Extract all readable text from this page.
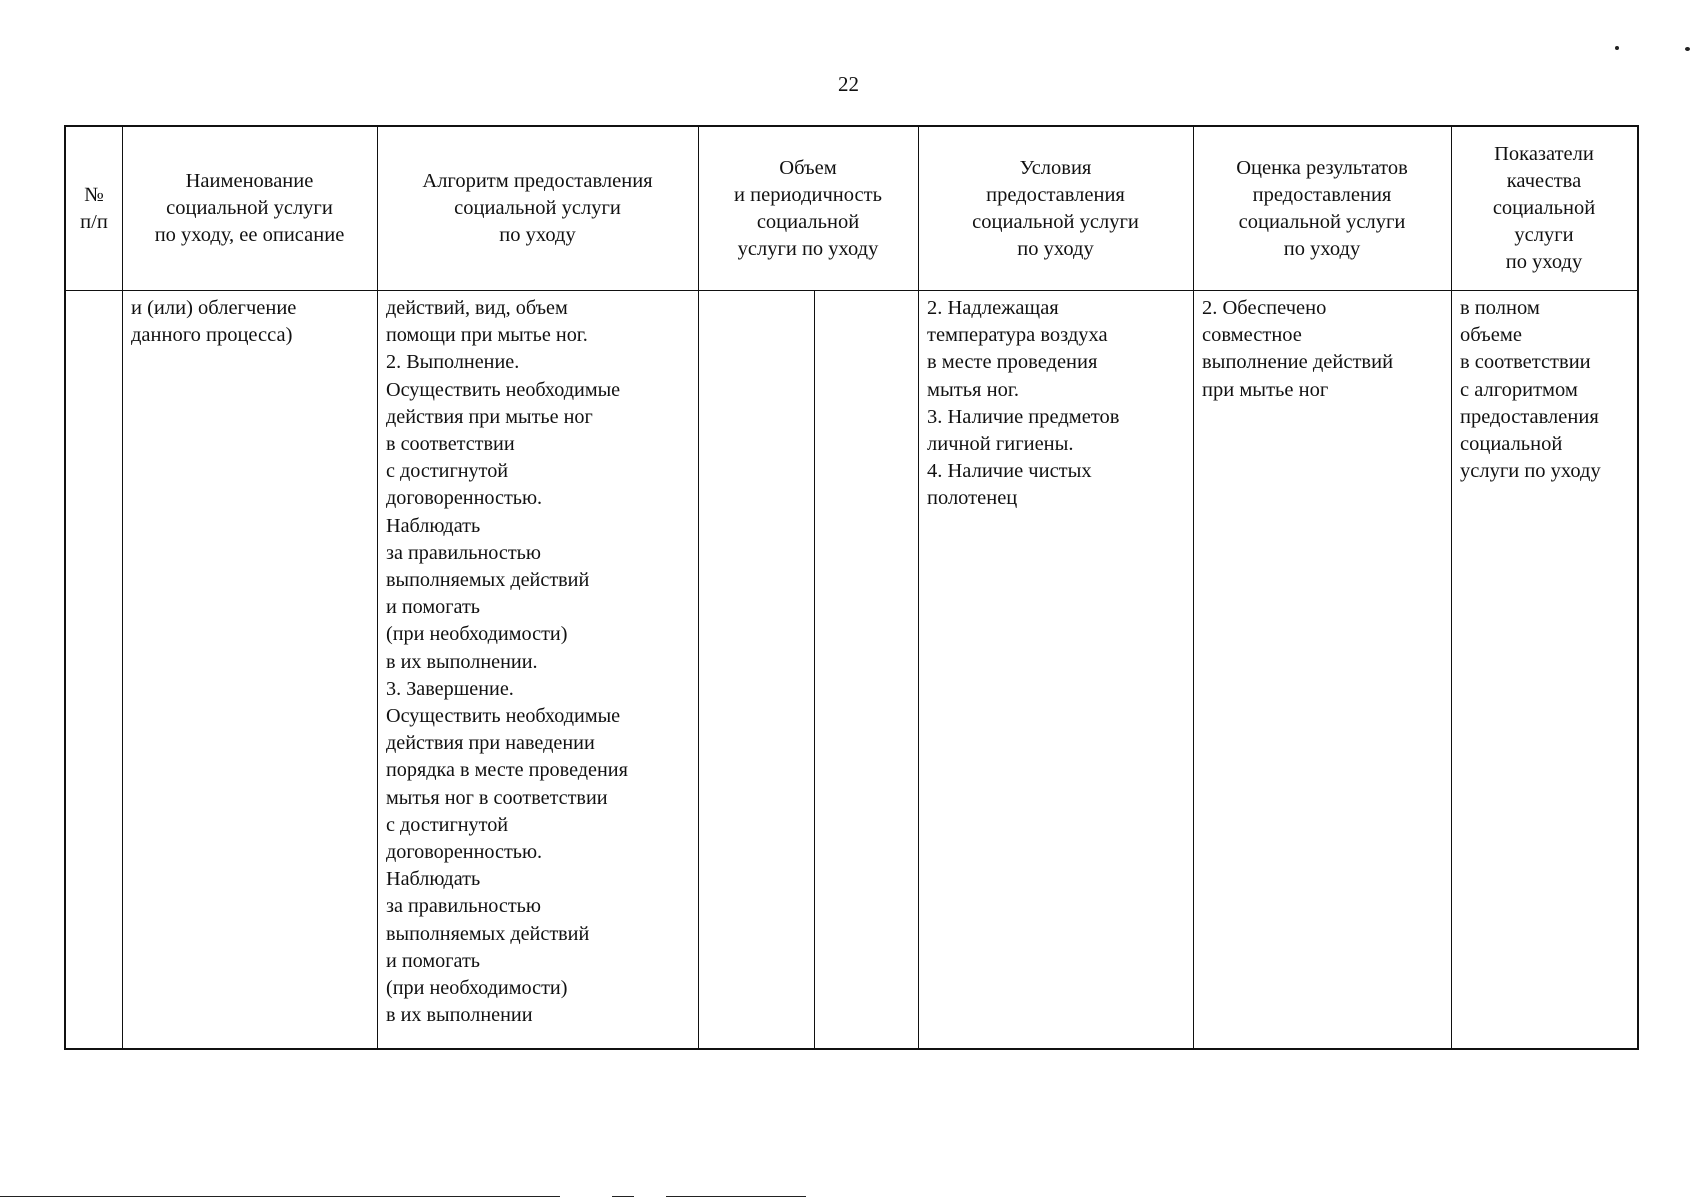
22
№
п/п
Наименование
социальной услуги
по уходу, ее описание
Алгоритм предоставления
социальной услуги
по уходу
Объем
и периодичность
социальной
услуги по уходу
Условия
предоставления
социальной услуги
по уходу
Оценка результатов
предоставления
социальной услуги
по уходу
Показатели
качества
социальной
услуги
по уходу
и (или) облегчение
данного процесса)
действий, вид, объем
помощи при мытье ног.
2. Выполнение.
Осуществить необходимые
действия при мытье ног
в соответствии
с достигнутой
договоренностью.
Наблюдать
за правильностью
выполняемых действий
и помогать
(при необходимости)
в их выполнении.
3. Завершение.
Осуществить необходимые
действия при наведении
порядка в месте проведения
мытья ног в соответствии
с достигнутой
договоренностью.
Наблюдать
за правильностью
выполняемых действий
и помогать
(при необходимости)
в их выполнении
2. Надлежащая
температура воздуха
в месте проведения
мытья ног.
3. Наличие предметов
личной гигиены.
4. Наличие чистых
полотенец
2. Обеспечено
совместное
выполнение действий
при мытье ног
в полном
объеме
в соответствии
с алгоритмом
предоставления
социальной
услуги по уходу
